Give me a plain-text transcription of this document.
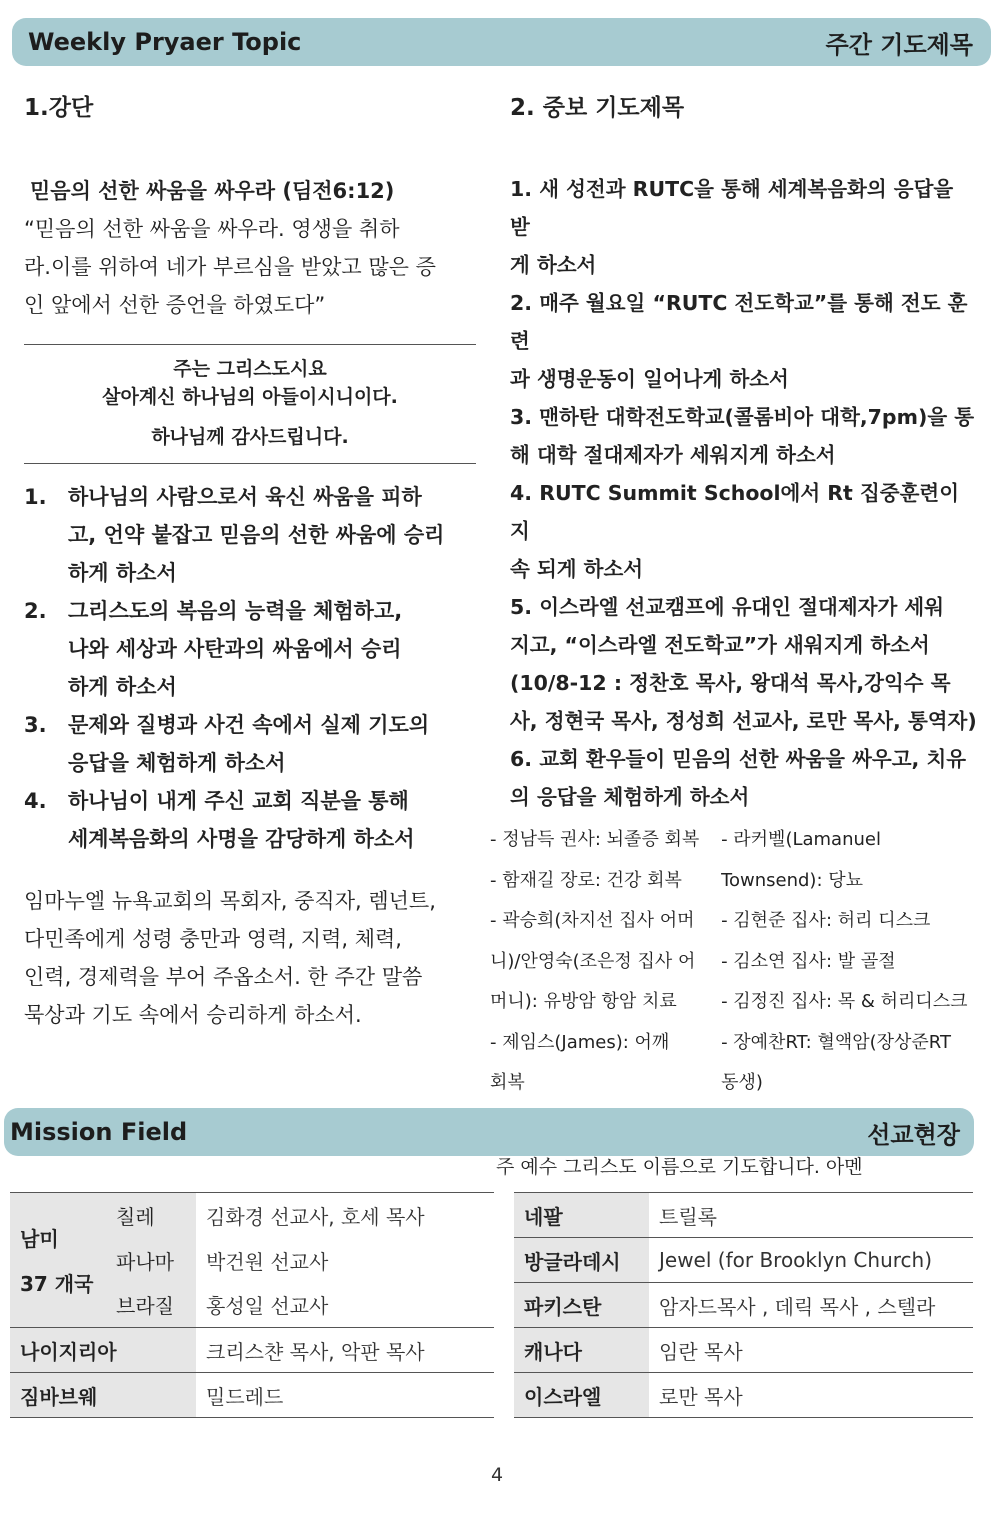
Weekly Pryaer Topic	주간 기도제목
1.강단
믿음의 선한 싸움을 싸우라 (딤전6:12)

“믿음의 선한 싸움을 싸우라. 영생을 취하

라.이를 위하여 네가 부르심을 받았고 많은 증

인 앞에서 선한 증언을 하였도다”

주는 그리스도시요
살아계신 하나님의 아들이시니이다.
하나님께 감사드립니다.
1. 하나님의 사람으로서 육신 싸움을 피하
고, 언약 붙잡고 믿음의 선한 싸움에 승리
하게 하소서
2. 그리스도의 복음의 능력을 체험하고,
나와 세상과 사탄과의 싸움에서 승리
하게 하소서
3. 문제와 질병과 사건 속에서 실제 기도의
응답을 체험하게 하소서
4. 하나님이 내게 주신 교회 직분을 통해
세계복음화의 사명을 감당하게 하소서
임마누엘 뉴욕교회의 목회자, 중직자, 렘넌트,
다민족에게 성령 충만과 영력, 지력, 체력,
인력, 경제력을 부어 주옵소서. 한 주간 말씀
묵상과 기도 속에서 승리하게 하소서.
2. 중보 기도제목
1. 새 성전과 RUTC을 통해 세계복음화의 응답을 받
게 하소서
2. 매주 월요일 “RUTC 전도학교”를 통해 전도 훈련
과 생명운동이 일어나게 하소서
3. 맨하탄 대학전도학교(콜롬비아 대학,7pm)을 통
해 대학 절대제자가 세워지게 하소서
4. RUTC Summit School에서 Rt 집중훈련이 지
속 되게 하소서
5. 이스라엘 선교캠프에 유대인 절대제자가 세워
지고, “이스라엘 전도학교”가 새워지게 하소서
(10/8-12 : 정찬호 목사, 왕대석 목사,강익수 목
사, 정현국 목사, 정성희 선교사, 로만 목사, 통역자)
6. 교회 환우들이 믿음의 선한 싸움을 싸우고, 치유
의 응답을 체험하게 하소서
- 정남득 권사: 뇌졸증 회복
- 함재길 장로: 건강 회복
- 곽승희(차지선 집사 어머
니)/안영숙(조은정 집사 어
머니): 유방암 항암 치료
- 제임스(James): 어깨
회복
- 라커벨(Lamanuel
Townsend): 당뇨
- 김현준 집사: 허리 디스크
- 김소연 집사: 발 골절
- 김정진 집사: 목 & 허리디스크
- 장예찬RT: 혈액암(장상준RT
동생)
주 예수 그리스도 이름으로 기도합니다. 아멘
Mission Field	선교현장
남미
37 개국	칠레	김화경 선교사, 호세 목사		네팔	트릴록
	파나마	박건원 선교사		방글라데시	Jewel (for Brooklyn Church)
	브라질	홍성일 선교사		파키스탄	암자드목사 , 데릭 목사 , 스텔라
나이지리아		크리스챤 목사, 악판 목사		캐나다	임란 목사
짐바브웨		밀드레드		이스라엘	로만 목사
4
